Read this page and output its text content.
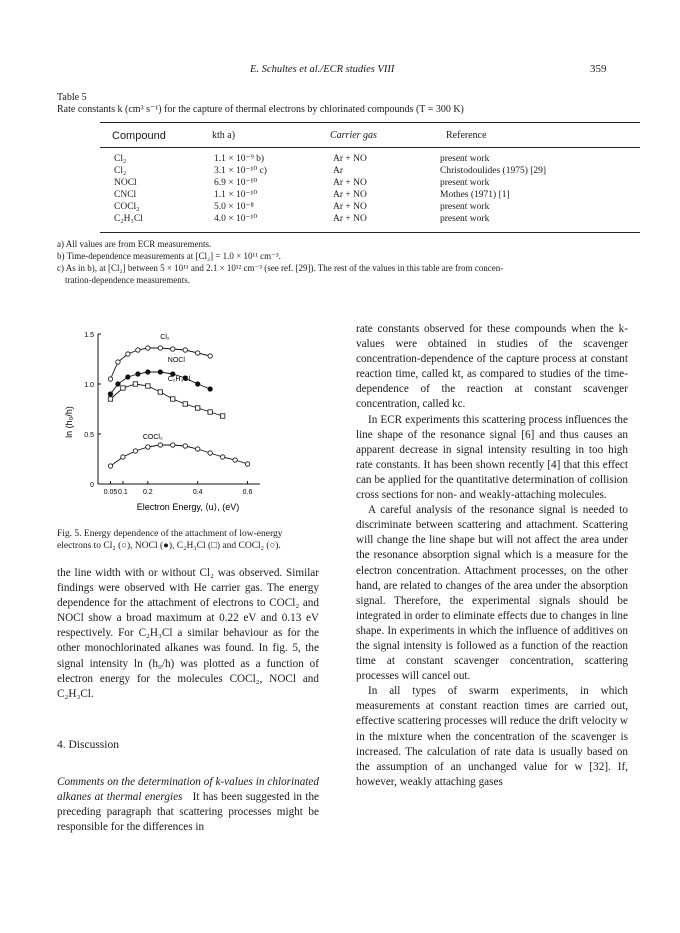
E. Schultes et al./ECR studies VIII	359
Table 5
Rate constants k (cm³ s⁻¹) for the capture of thermal electrons by chlorinated compounds (T = 300 K)
Compound	kth a)	Carrier gas	Reference
Cl₂	1.1 × 10⁻⁹ b)	Ar + NO	present work
Cl₂	3.1 × 10⁻¹⁰ c)	Ar	Christodoulides (1975) [29]
NOCl	6.9 × 10⁻¹⁰	Ar + NO	present work
CNCl	1.1 × 10⁻¹⁰	Ar + NO	Mothes (1971) [1]
COCl₂	5.0 × 10⁻⁸	Ar + NO	present work
C₂H₃Cl	4.0 × 10⁻¹⁰	Ar + NO	present work
a) All values are from ECR measurements.
b) Time-dependence measurements at [Cl₂] = 1.0 × 10¹¹ cm⁻³.
c) As in b), at [Cl₂] between 5 × 10¹¹ and 2.1 × 10¹² cm⁻³ (see ref. [29]). The rest of the values in this table are from concen-
tration-dependence measurements.
0.05 0.1 0.2	0.4	0.6
0
0.5
1.0
1.5	Cl₂
NOCl
C₂H₃Cl
COCl₂
ln (h₀/h)
Electron Energy, ⟨u⟩, (eV)
Fig. 5. Energy dependence of the attachment of low-energy electrons to Cl₂ (○), NOCl (●), C₂H₃Cl (□) and COCl₂ (○).

the line width with or without Cl₂ was observed. Similar findings were observed with He carrier gas. The energy dependence for the attachment of electrons to COCl₂ and NOCl show a broad maximum at 0.22 eV and 0.13 eV respectively. For C₂H₃Cl a similar behaviour as for the other monochlorinated alkanes was found. In fig. 5, the signal intensity ln (h₀/h) was plotted as a function of electron energy for the molecules COCl₂, NOCl and C₂H₃Cl.

4. Discussion

Comments on the determination of k-values in chlorinated alkanes at thermal energies It has been suggested in the preceding paragraph that scattering processes might be responsible for the differences in

rate constants observed for these compounds when the k-values were obtained in studies of the scavenger concentration-dependence of the capture process at constant reaction time, called kt, as compared to studies of the time-dependence of the reaction at constant scavenger concentration, called kc.

In ECR experiments this scattering process influences the line shape of the resonance signal [6] and thus causes an apparent decrease in signal intensity resulting in too high rate constants. It has been shown recently [4] that this effect can be applied for the quantitative determination of collision cross sections for non- and weakly-attaching molecules.

A careful analysis of the resonance signal is needed to discriminate between scattering and attachment. Scattering will change the line shape but will not affect the area under the resonance absorption signal which is a measure for the electron concentration. Attachment processes, on the other hand, are related to changes of the area under the absorption signal. Therefore, the experimental signals should be integrated in order to eliminate effects due to changes in line shape. In experiments in which the influence of additives on the signal intensity is followed as a function of the reaction time at constant scavenger concentration, scattering processes will cancel out.

In all types of swarm experiments, in which measurements at constant reaction times are carried out, effective scattering processes will reduce the drift velocity w in the mixture when the concentration of the scavenger is increased. The calculation of rate data is usually based on the assumption of an unchanged value for w [32]. If, however, weakly attaching gases
